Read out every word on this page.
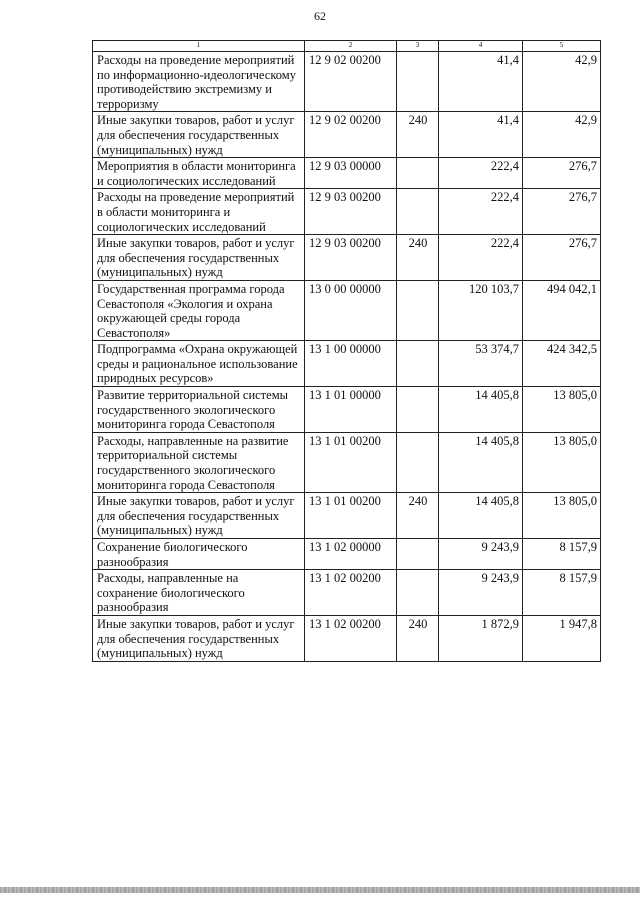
62
1	2	3	4	5
Расходы на проведение мероприятий по информационно-идеологическому противодействию экстремизму и терроризму	12 9 02 00200		41,4	42,9
Иные закупки товаров, работ и услуг для обеспечения государственных (муниципальных) нужд	12 9 02 00200	240	41,4	42,9
Мероприятия в области мониторинга и социологических исследований	12 9 03 00000		222,4	276,7
Расходы на проведение мероприятий в области мониторинга и социологических исследований	12 9 03 00200		222,4	276,7
Иные закупки товаров, работ и услуг для обеспечения государственных (муниципальных) нужд	12 9 03 00200	240	222,4	276,7
Государственная программа города Севастополя «Экология и охрана окружающей среды города Севастополя»	13 0 00 00000		120 103,7	494 042,1
Подпрограмма «Охрана окружающей среды и рациональное использование природных ресурсов»	13 1 00 00000		53 374,7	424 342,5
Развитие территориальной системы государственного экологического мониторинга города Севастополя	13 1 01 00000		14 405,8	13 805,0
Расходы, направленные на развитие территориальной системы государственного экологического мониторинга города Севастополя	13 1 01 00200		14 405,8	13 805,0
Иные закупки товаров, работ и услуг для обеспечения государственных (муниципальных) нужд	13 1 01 00200	240	14 405,8	13 805,0
Сохранение биологического разнообразия	13 1 02 00000		9 243,9	8 157,9
Расходы, направленные на сохранение биологического разнообразия	13 1 02 00200		9 243,9	8 157,9
Иные закупки товаров, работ и услуг для обеспечения государственных (муниципальных) нужд	13 1 02 00200	240	1 872,9	1 947,8
